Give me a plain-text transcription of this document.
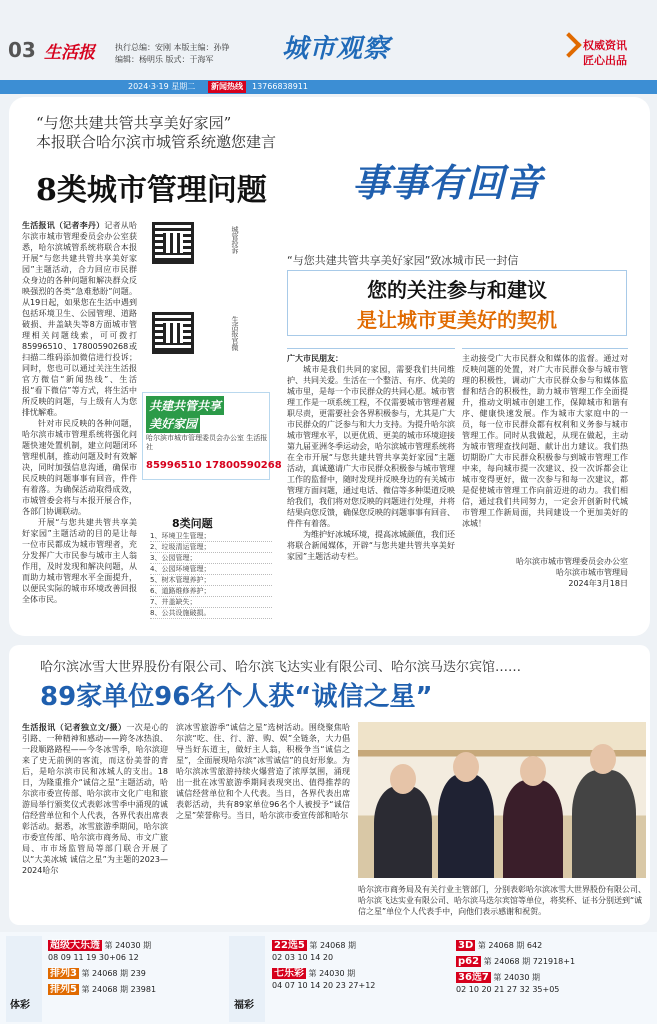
03 生活报	执行总编：安刚 本版主编：孙铮
编辑：杨明乐 版式：于海军	城市观察	权威资讯
匠心出品
2024·3·19 星期二	新闻热线	13766838911
“与您共建共管共享美好家园”
本报联合哈尔滨市城管系统邀您建言
8类城市管理问题 事事有回音
生活报讯（记者李丹）记者从哈尔滨市城市管理委员会办公室获悉，哈尔滨城管系统将联合本报开展“与您共建共管共享美好家园”主题活动，合力回应市民群众身边的各种问题和解决群众反映强烈的各类“急难愁盼”问题。从19日起，如果您在生活中遇到包括环境卫生、公园管理、道路破损、井盖缺失等8方面城市管理相关问题线索，可可拨打85996510、17800590268或扫描二维码添加微信进行投诉；同时，您也可以通过关注生活报官方微信“新闻热线”、生活报“看下微信”等方式，将生活中所反映的问题，与上级有人为您排忧解难。
针对市民反映的各种问题，哈尔滨市城市管理系统将强化问题快速处置机制，建立问题闭环管理机制，推动问题及时有效解决，同时加强信息沟通，确保市民反映的问题事事有回音，件件有着落。为确保活动取得成效，市城管委会将与本报开展合作，各部门协调联动。
开展“与您共建共管共享美好家园”主题活动的目的是让每一位市民都成为城市管理者，充分发挥广大市民参与城市主人翁作用，及时发现和解决问题，从而助力城市管理水平全面提升，以便民实际的城市环境改善回报全体市民。
城管投诉
生活报官微
共建共管共享
美好家园
哈尔滨市城市管理委员会办公室 生活报社
85996510 17800590268
8类问题
1、环境卫生管理；
2、垃圾清运管理；
3、公园管理；
4、公园环境管理；
5、树木管理养护；
6、道路维修养护；
7、井盖缺失；
8、公共设施破损。
“与您共建共管共享美好家园”致冰城市民一封信
您的关注参与和建议
是让城市更美好的契机
广大市民朋友：
城市是我们共同的家园，需要我们共同维护、共同关爱。生活在一个整洁、有序、优美的城市里，是每一个市民群众的共同心愿。城市管理工作是一项系统工程，不仅需要城市管理者履职尽责，更需要社会各界积极参与，尤其是广大市民群众的广泛参与和大力支持。为提升哈尔滨城市管理水平，以更优质、更美的城市环境迎接第九届亚洲冬季运动会，哈尔滨城市管理系统将在全市开展“与您共建共管共享美好家园”主题活动，真诚邀请广大市民群众积极参与城市管理工作的监督中，随时发现并反映身边的有关城市管理方面问题，通过电话、微信等多种渠道反映给我们，我们将对您反映的问题进行处理，并将结果向您反馈，确保您反映的问题事事有回音、件件有着落。
为维护好冰城环境，提高冰城颜值，我们还将联合新闻媒体，开辟“与您共建共管共享美好家园”主题活动专栏。
主动接受广大市民群众和媒体的监督。通过对反映问题的处置，对广大市民群众参与城市管理的积极性，调动广大市民群众参与和媒体监督和结合的积极性，助力城市管理工作全面提升，推动文明城市创建工作，保障城市和谐有序、健康快速发展。作为城市大家庭中的一员，每一位市民群众都有权利和义务参与城市管理工作。同时从我做起，从现在做起，主动为城市管理查找问题、献计出力建议。我们热切期盼广大市民群众积极参与到城市管理工作中来，每向城市提一次建议、投一次诉都会让城市变得更好，做一次参与和每一次建议，都是促使城市管理工作向前迈进的动力。我们相信，通过我们共同努力，一定会开创新时代城市管理工作新局面，共同建设一个更加美好的冰城！
哈尔滨市城市管理委员会办公室
哈尔滨市城市管理局
2024年3月18日
哈尔滨冰雪大世界股份有限公司、哈尔滨飞达实业有限公司、哈尔滨马迭尔宾馆……
89家单位96名个人获“诚信之星”
生活报讯（记者独立文/摄）一次是心的引路、一种精神和感动——跨冬冰热浪、一段顺路路程——今冬冰雪季，哈尔滨迎来了史无前例的客流，而这份美誉的背后，是哈尔滨市民和冰城人的支出。18日，为隆重推介“诚信之星”主题活动，哈尔滨市委宣传部、哈尔滨市文化广电和旅游局举行颁奖仪式表彰冰雪季中涌现的诚信经营单位和个人代表，各界代表出席表彰活动。据悉，冰雪旅游季期间，哈尔滨市委宣传部、哈尔滨市商务局、市文广旅局、市市场监管局等部门联合开展了以“大美冰城 诚信之星”为主题的2023—2024哈尔
滨冰雪旅游季“诚信之星”选树活动。围绕聚焦哈尔滨“吃、住、行、游、购、娱”全链条，大力倡导当好东道主，做好主人翁，积极争当“诚信之星”，全面展现哈尔滨“冰雪诚信”的良好形象。为哈尔滨冰雪旅游持续火爆营造了浓厚氛围，涌现出一批在冰雪旅游季期间表现突出、值得推荐的诚信经营单位和个人代表。当日，各界代表出席表彰活动，共有89家单位96名个人被授予“诚信之星”荣誉称号。当日，哈尔滨市委宣传部和哈尔
哈尔滨市商务局及有关行业主管部门，分别表彰哈尔滨冰雪大世界股份有限公司、哈尔滨飞达实业有限公司、哈尔滨马迭尔宾馆等单位，将奖杯、证书分别送到“诚信之星”单位个人代表手中，向他们表示感谢和祝贺。
体彩	福彩
超级大乐透 第 24030 期
08 09 11 19 30+06 12
排列3 第 24068 期 239
排列5 第 24068 期 23981
22选5 第 24068 期
02 03 10 14 20
七乐彩 第 24030 期
04 07 10 14 20 23 27+12
3D 第 24068 期 642
p62 第 24068 期 721918+1
36选7 第 24030 期
02 10 20 21 27 32 35+05
